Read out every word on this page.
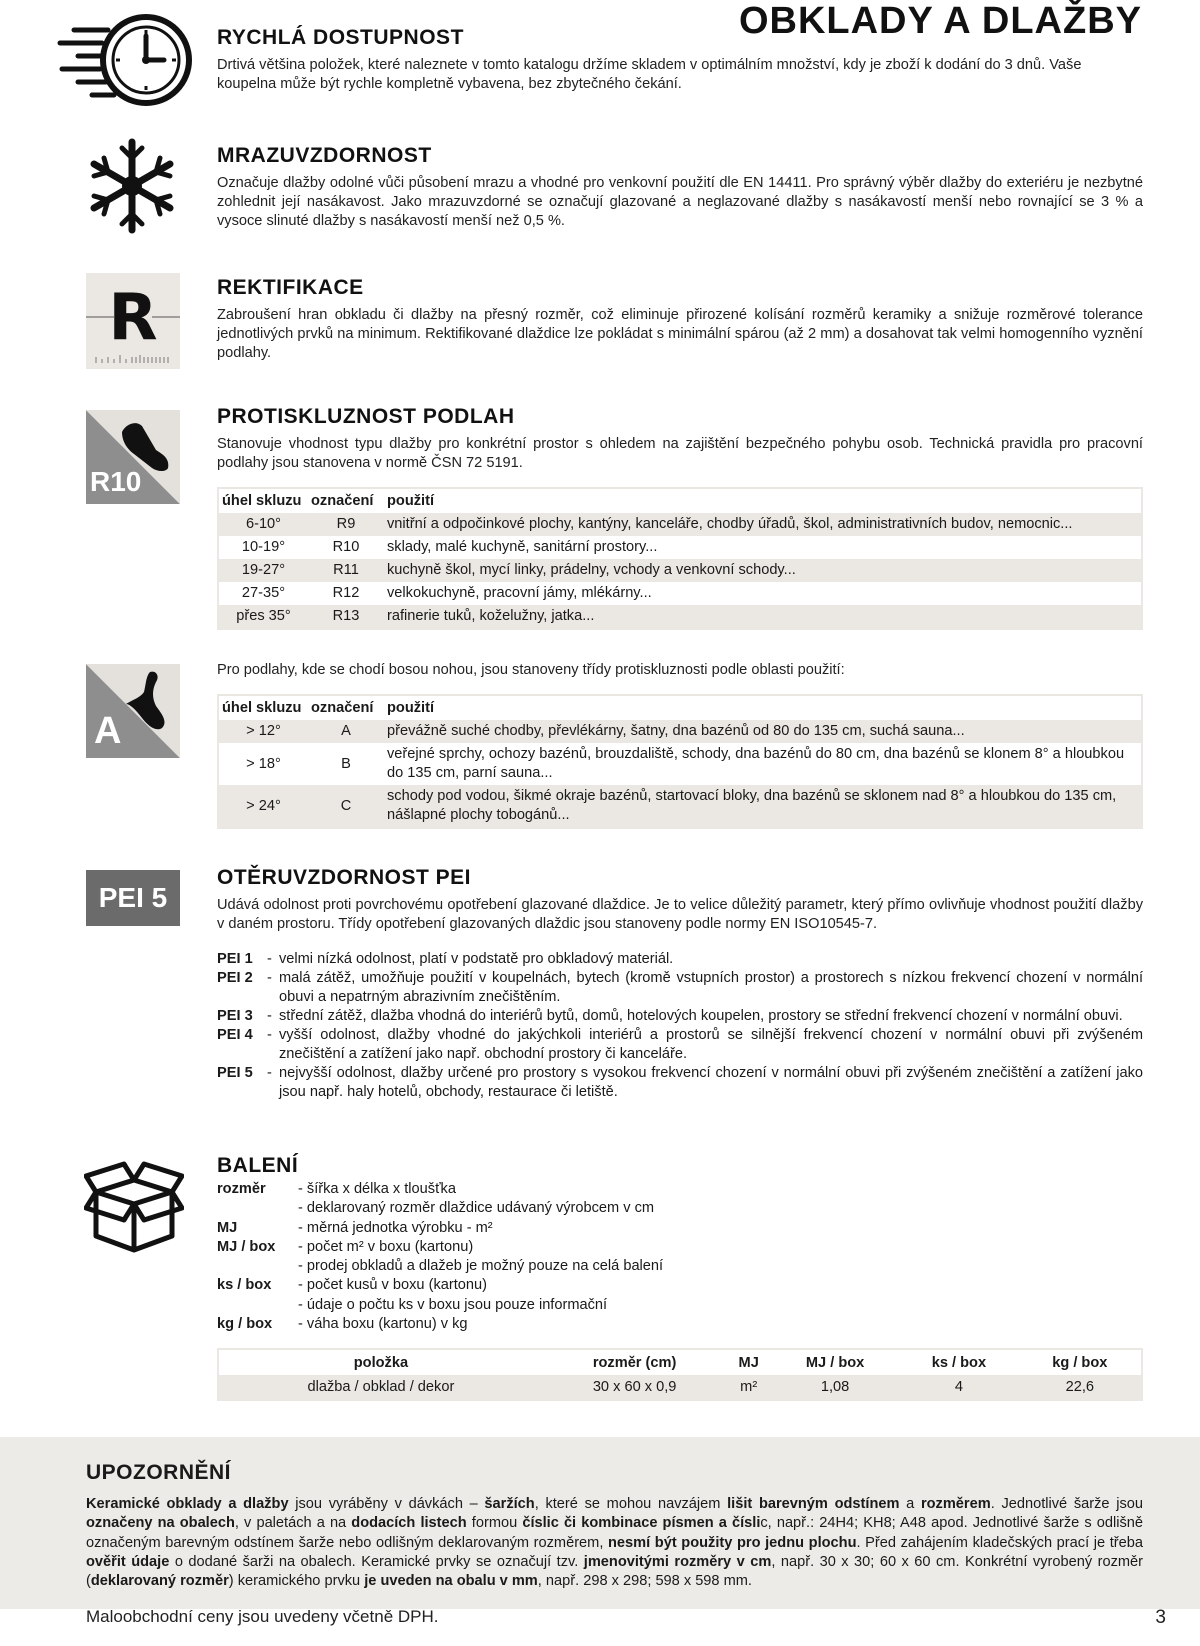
OBKLADY A DLAŽBY
RYCHLÁ DOSTUPNOST

Drtivá většina položek, které naleznete v tomto katalogu držíme skladem v optimálním množství, kdy je zboží k dodání do 3 dnů. Vaše koupelna může být rychle kompletně vybavena, bez zbytečného čekání.

MRAZUVZDORNOST

Označuje dlažby odolné vůči působení mrazu a vhodné pro venkovní použití dle EN 14411. Pro správný výběr dlažby do exteriéru je nezbytné zohlednit její nasákavost. Jako mrazuvzdorné se označují glazované a neglazované dlažby s nasákavostí menší nebo rovnající se 3 % a vysoce slinuté dlažby s nasákavostí menší než 0,5 %.

R	REKTIFIKACE

Zabroušení hran obkladu či dlažby na přesný rozměr, což eliminuje přirozené kolísání rozměrů keramiky a snižuje rozměrové tolerance jednotlivých prvků na minimum. Rektifikované dlaždice lze pokládat s minimální spárou (až 2 mm) a dosahovat tak velmi homogenního vyznění podlahy.

R10
PROTISKLUZNOST PODLAH

Stanovuje vhodnost typu dlažby pro konkrétní prostor s ohledem na zajištění bezpečného pohybu osob. Technická pravidla pro pracovní podlahy jsou stanovena v normě ČSN 72 5191.

úhel skluzu	označení	použití
6-10°	R9	vnitřní a odpočinkové plochy, kantýny, kanceláře, chodby úřadů, škol, administrativních budov, nemocnic...
10-19°	R10	sklady, malé kuchyně, sanitární prostory...
19-27°	R11	kuchyně škol, mycí linky, prádelny, vchody a venkovní schody...
27-35°	R12	velkokuchyně, pracovní jámy, mlékárny...
přes 35°	R13	rafinerie tuků, koželužny, jatka...
A

Pro podlahy, kde se chodí bosou nohou, jsou stanoveny třídy protiskluznosti podle oblasti použití:

úhel skluzu	označení	použití
> 12°	A	převážně suché chodby, převlékárny, šatny, dna bazénů od 80 do 135 cm, suchá sauna...
> 18°	B	veřejné sprchy, ochozy bazénů, brouzdaliště, schody, dna bazénů do 80 cm, dna bazénů se klonem 8° a hloubkou do 135 cm, parní sauna...
> 24°	C	schody pod vodou, šikmé okraje bazénů, startovací bloky, dna bazénů se sklonem nad 8° a hloubkou do 135 cm, nášlapné plochy tobogánů...
PEI 5
OTĚRUVZDORNOST PEI

Udává odolnost proti povrchovému opotřebení glazované dlaždice. Je to velice důležitý parametr, který přímo ovlivňuje vhodnost použití dlažby v daném prostoru. Třídy opotřebení glazovaných dlaždic jsou stanoveny podle normy EN ISO10545-7.

PEI 1 - velmi nízká odolnost, platí v podstatě pro obkladový materiál.
PEI 2 - malá zátěž, umožňuje použití v koupelnách, bytech (kromě vstupních prostor) a prostorech s nízkou frekvencí chození v normální obuvi a nepatrným abrazivním znečištěním.
PEI 3 - střední zátěž, dlažba vhodná do interiérů bytů, domů, hotelových koupelen, prostory se střední frekvencí chození v normální obuvi.
PEI 4 - vyšší odolnost, dlažby vhodné do jakýchkoli interiérů a prostorů se silnější frekvencí chození v normální obuvi při zvýšeném znečištění a zatížení jako např. obchodní prostory či kanceláře.
PEI 5 - nejvyšší odolnost, dlažby určené pro prostory s vysokou frekvencí chození v normální obuvi při zvýšeném znečištění a zatížení jako jsou např. haly hotelů, obchody, restaurace či letiště.
BALENÍ
rozměr	- šířka x délka x tloušťka
- deklarovaný rozměr dlaždice udávaný výrobcem v cm
MJ	- měrná jednotka výrobku - m²
MJ / box	- počet m² v boxu (kartonu)
- prodej obkladů a dlažeb je možný pouze na celá balení
ks / box	- počet kusů v boxu (kartonu)
- údaje o počtu ks v boxu jsou pouze informační
kg / box	- váha boxu (kartonu) v kg
položka	rozměr (cm)	MJ	MJ / box	ks / box	kg / box
dlažba / obklad / dekor	30 x 60 x 0,9	m²	1,08	4	22,6
UPOZORNĚNÍ

Keramické obklady a dlažby jsou vyráběny v dávkách – šaržích, které se mohou navzájem lišit barevným odstínem a rozměrem. Jednotlivé šarže jsou označeny na obalech, v paletách a na dodacích listech formou číslic či kombinace písmen a číslic, např.: 24H4; KH8; A48 apod. Jednotlivé šarže s odlišně označeným barevným odstínem šarže nebo odlišným deklarovaným rozměrem, nesmí být použity pro jednu plochu. Před zahájením kladečských prací je třeba ověřit údaje o dodané šarži na obalech. Keramické prvky se označují tzv. jmenovitými rozměry v cm, např. 30 x 30; 60 x 60 cm. Konkrétní vyrobený rozměr (deklarovaný rozměr) keramického prvku je uveden na obalu v mm, např. 298 x 298; 598 x 598 mm.

Maloobchodní ceny jsou uvedeny včetně DPH.	3
